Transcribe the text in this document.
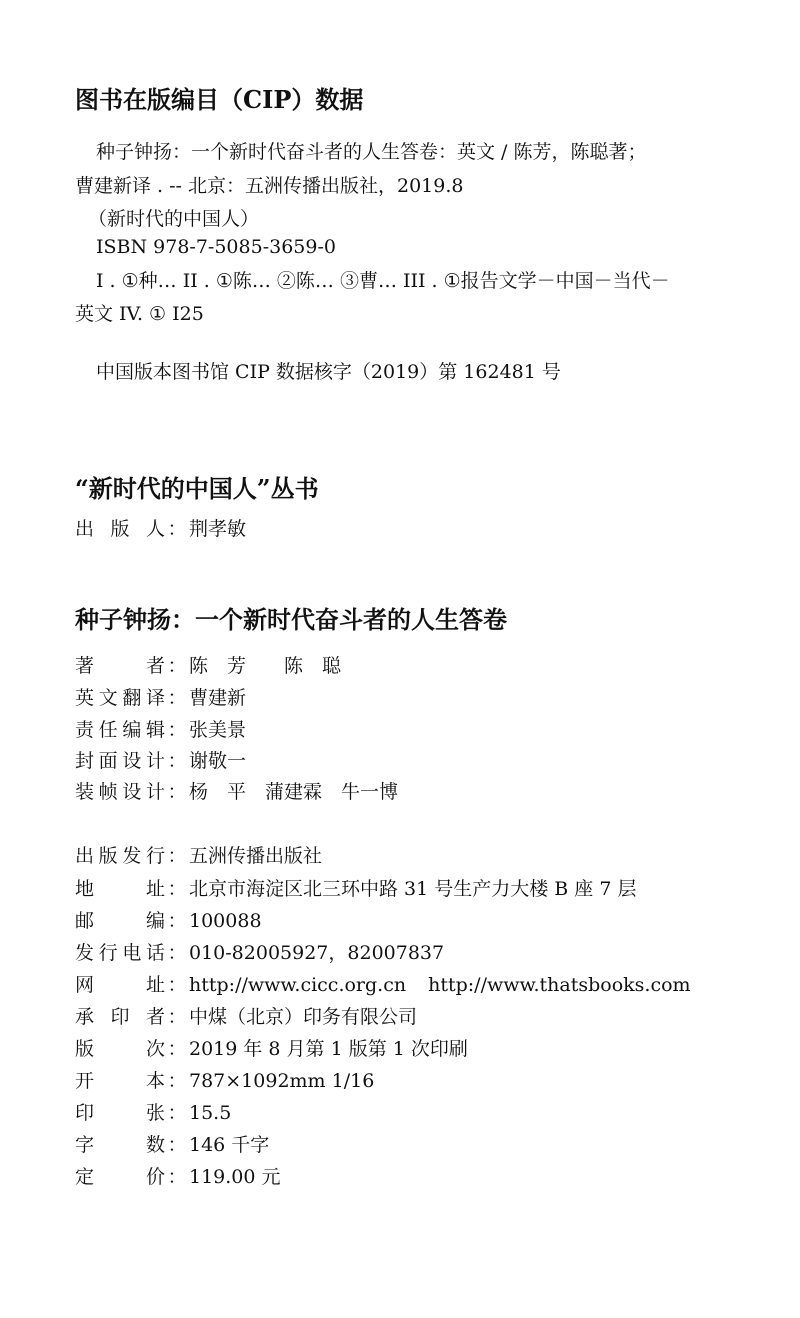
图书在版编目（CIP）数据
种子钟扬：一个新时代奋斗者的人生答卷：英文 / 陈芳，陈聪著；
曹建新译 . -- 北京：五洲传播出版社，2019.8
（新时代的中国人）
ISBN 978-7-5085-3659-0
I . ①种… II . ①陈… ②陈… ③曹… III . ①报告文学－中国－当代－
英文 IV. ① I25
中国版本图书馆 CIP 数据核字（2019）第 162481 号
“新时代的中国人”丛书
出版人 ： 荆孝敏
种子钟扬：一个新时代奋斗者的人生答卷
著者 ： 陈　芳　　陈　聪
英文翻译 ： 曹建新
责任编辑 ： 张美景
封面设计 ： 谢敬一
装帧设计 ： 杨　平　蒲建霖　牛一博
出版发行 ： 五洲传播出版社
地址 ： 北京市海淀区北三环中路 31 号生产力大楼 B 座 7 层
邮编 ： 100088
发行电话 ： 010-82005927，82007837
网址 ： http://www.cicc.org.cn http://www.thatsbooks.com
承印者 ： 中煤（北京）印务有限公司
版次 ： 2019 年 8 月第 1 版第 1 次印刷
开本 ： 787×1092mm 1/16
印张 ： 15.5
字数 ： 146 千字
定价 ： 119.00 元
